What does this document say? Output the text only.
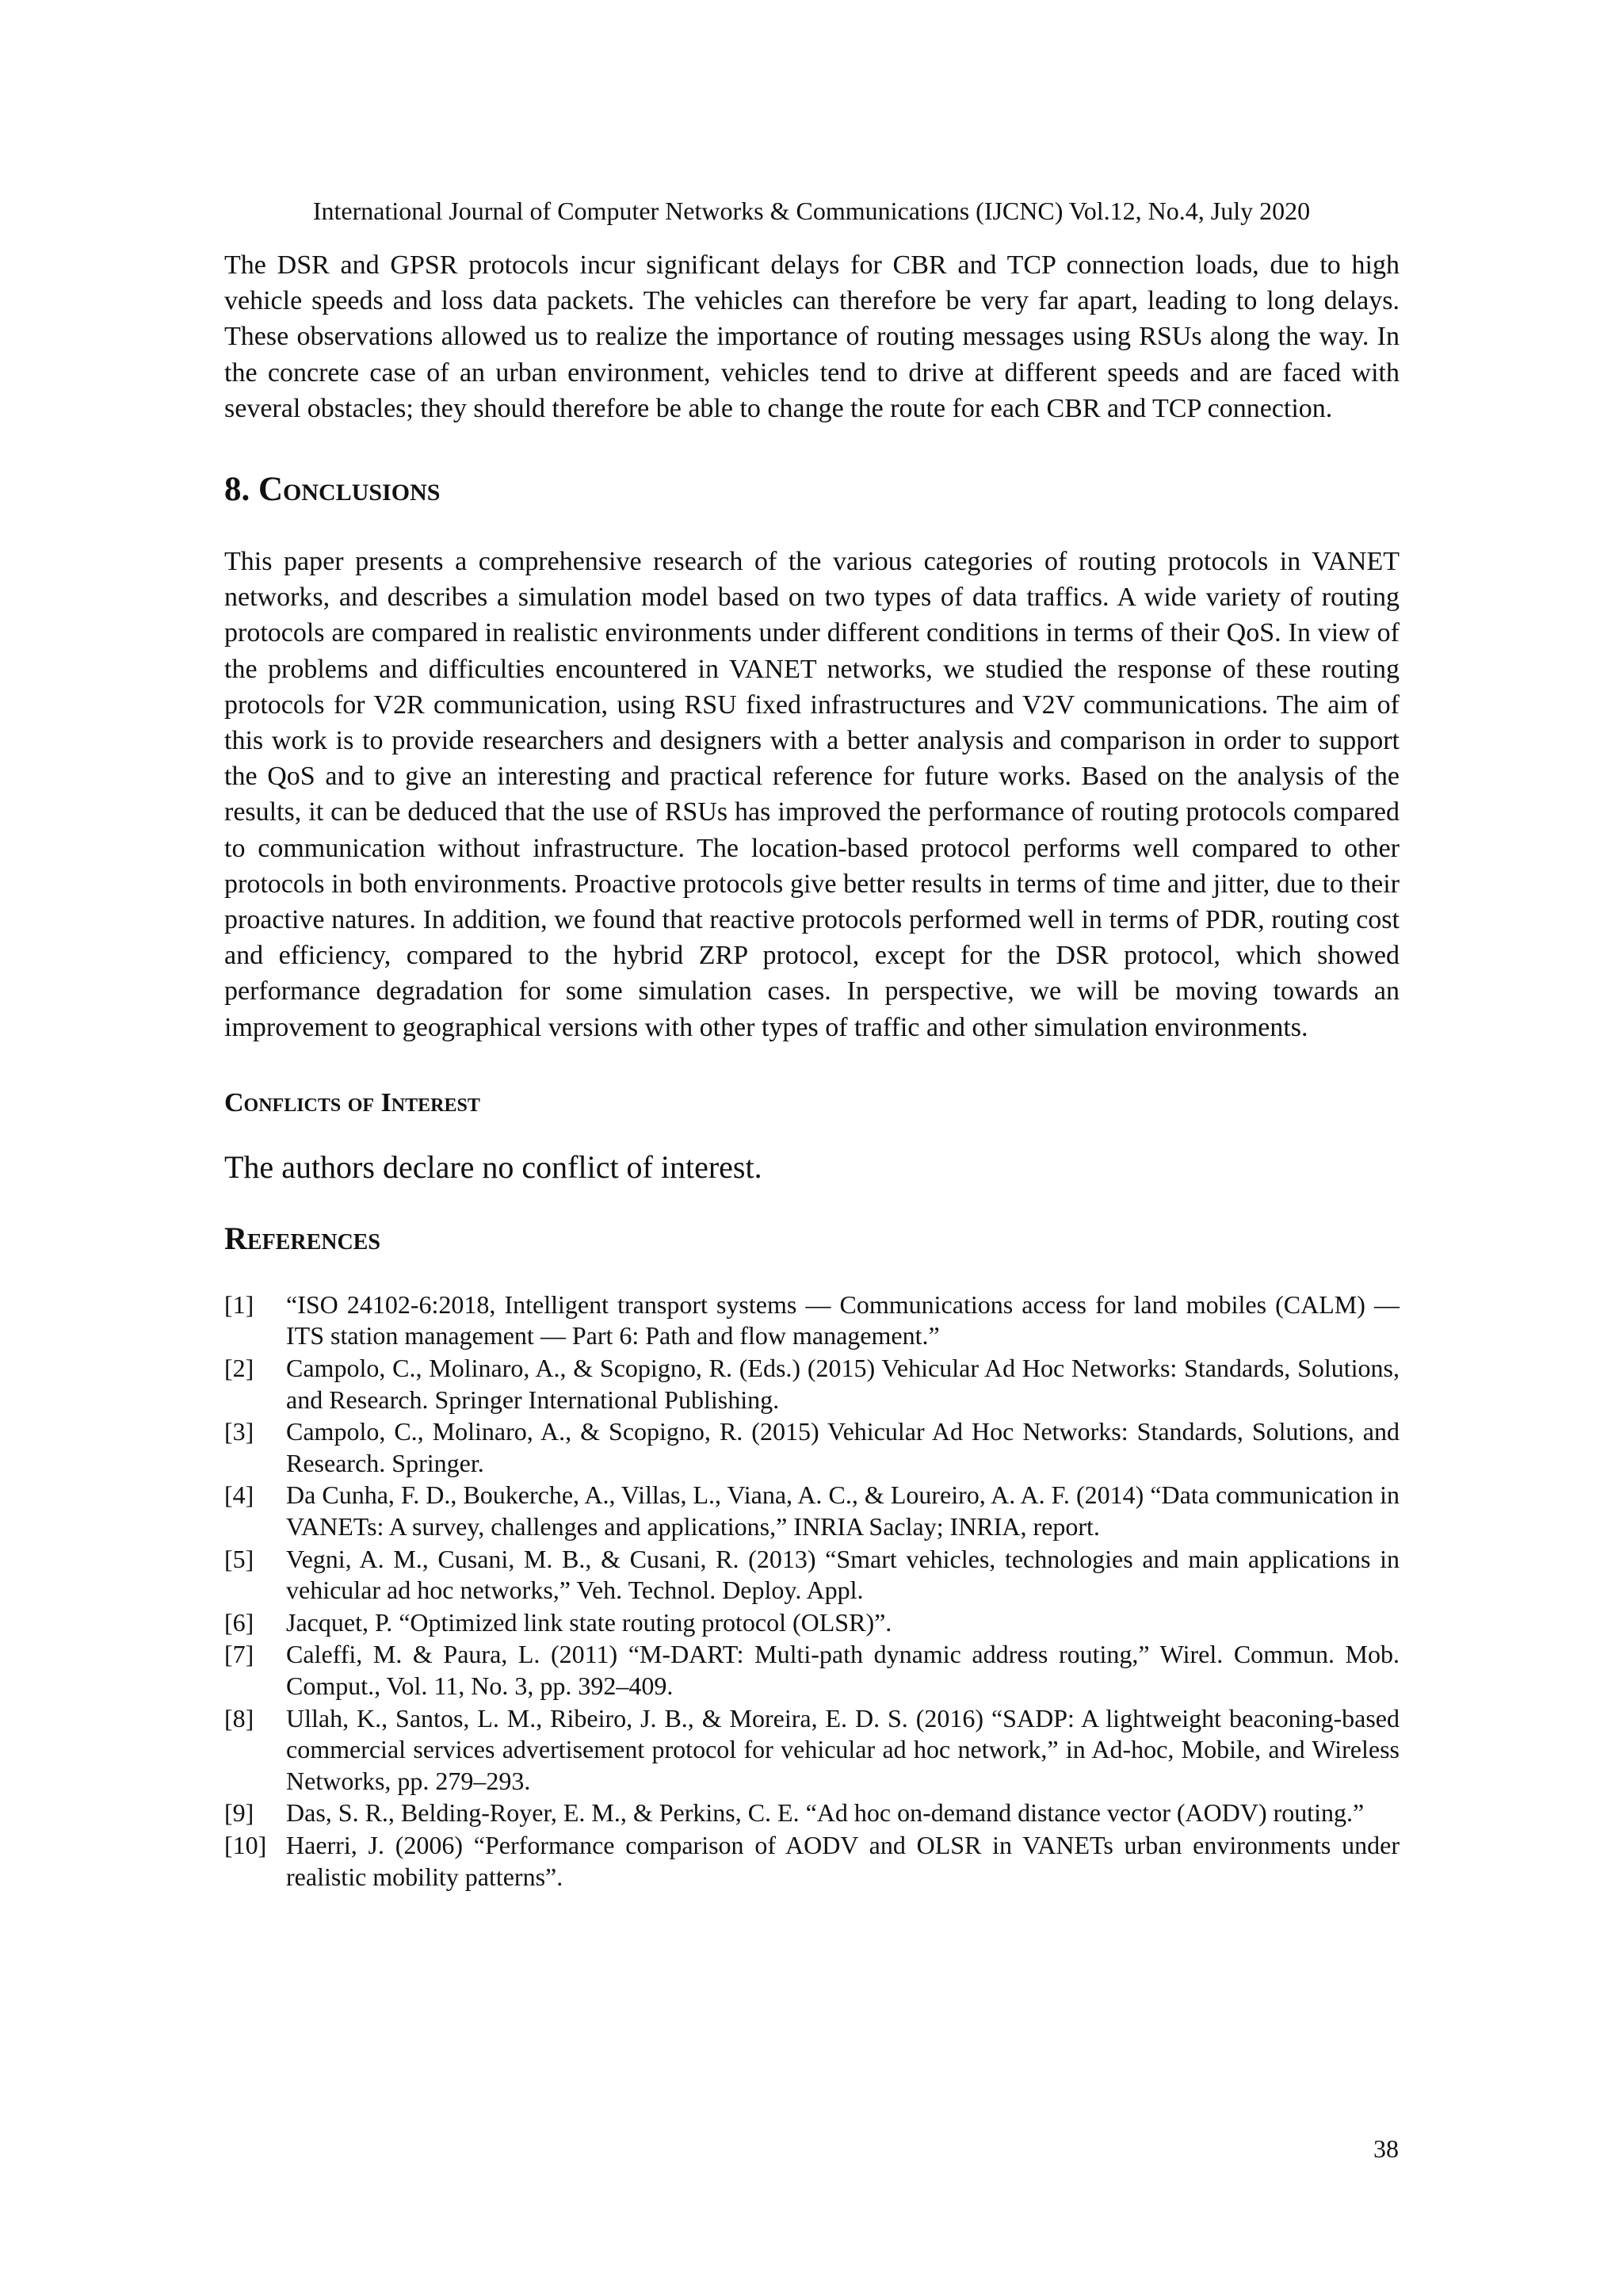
International Journal of Computer Networks & Communications (IJCNC) Vol.12, No.4, July 2020

The DSR and GPSR protocols incur significant delays for CBR and TCP connection loads, due to high vehicle speeds and loss data packets. The vehicles can therefore be very far apart, leading to long delays. These observations allowed us to realize the importance of routing messages using RSUs along the way. In the concrete case of an urban environment, vehicles tend to drive at different speeds and are faced with several obstacles; they should therefore be able to change the route for each CBR and TCP connection.

8. Conclusions

This paper presents a comprehensive research of the various categories of routing protocols in VANET networks, and describes a simulation model based on two types of data traffics. A wide variety of routing protocols are compared in realistic environments under different conditions in terms of their QoS. In view of the problems and difficulties encountered in VANET networks, we studied the response of these routing protocols for V2R communication, using RSU fixed infrastructures and V2V communications. The aim of this work is to provide researchers and designers with a better analysis and comparison in order to support the QoS and to give an interesting and practical reference for future works. Based on the analysis of the results, it can be deduced that the use of RSUs has improved the performance of routing protocols compared to communication without infrastructure. The location-based protocol performs well compared to other protocols in both environments. Proactive protocols give better results in terms of time and jitter, due to their proactive natures. In addition, we found that reactive protocols performed well in terms of PDR, routing cost and efficiency, compared to the hybrid ZRP protocol, except for the DSR protocol, which showed performance degradation for some simulation cases. In perspective, we will be moving towards an improvement to geographical versions with other types of traffic and other simulation environments.

Conflicts of Interest

The authors declare no conflict of interest.

References
[1]	“ISO 24102-6:2018, Intelligent transport systems — Communications access for land mobiles (CALM) — ITS station management — Part 6: Path and flow management.”
[2]	Campolo, C., Molinaro, A., & Scopigno, R. (Eds.) (2015) Vehicular Ad Hoc Networks: Standards, Solutions, and Research. Springer International Publishing.
[3]	Campolo, C., Molinaro, A., & Scopigno, R. (2015) Vehicular Ad Hoc Networks: Standards, Solutions, and Research. Springer.
[4]	Da Cunha, F. D., Boukerche, A., Villas, L., Viana, A. C., & Loureiro, A. A. F. (2014) “Data communication in VANETs: A survey, challenges and applications,” INRIA Saclay; INRIA, report.
[5]	Vegni, A. M., Cusani, M. B., & Cusani, R. (2013) “Smart vehicles, technologies and main applications in vehicular ad hoc networks,” Veh. Technol. Deploy. Appl.
[6]	Jacquet, P. “Optimized link state routing protocol (OLSR)”.
[7]	Caleffi, M. & Paura, L. (2011) “M-DART: Multi-path dynamic address routing,” Wirel. Commun. Mob. Comput., Vol. 11, No. 3, pp. 392–409.
[8]	Ullah, K., Santos, L. M., Ribeiro, J. B., & Moreira, E. D. S. (2016) “SADP: A lightweight beaconing-based commercial services advertisement protocol for vehicular ad hoc network,” in Ad-hoc, Mobile, and Wireless Networks, pp. 279–293.
[9]	Das, S. R., Belding-Royer, E. M., & Perkins, C. E. “Ad hoc on-demand distance vector (AODV) routing.”
[10] Haerri, J. (2006) “Performance comparison of AODV and OLSR in VANETs urban environments under realistic mobility patterns”.
38
